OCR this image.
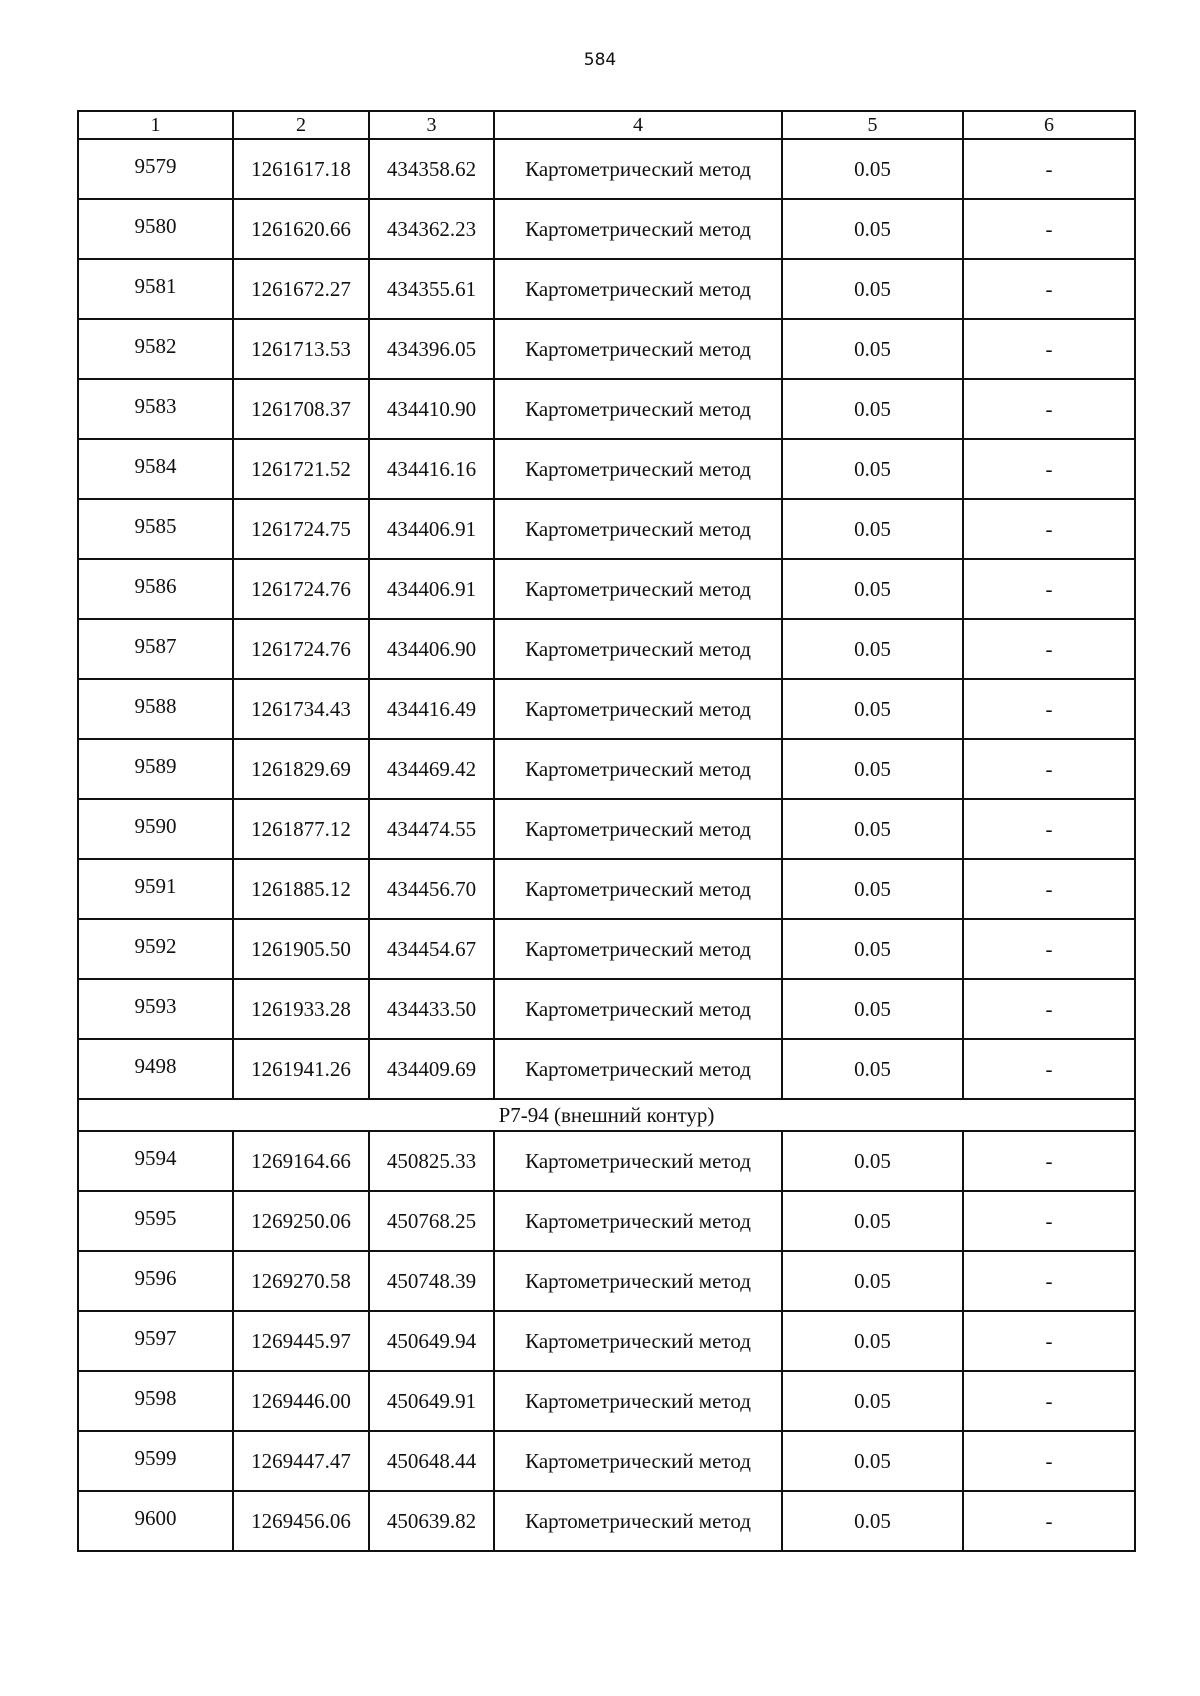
584
1	2	3	4	5	6
9579	1261617.18	434358.62	Картометрический метод	0.05	-
9580	1261620.66	434362.23	Картометрический метод	0.05	-
9581	1261672.27	434355.61	Картометрический метод	0.05	-
9582	1261713.53	434396.05	Картометрический метод	0.05	-
9583	1261708.37	434410.90	Картометрический метод	0.05	-
9584	1261721.52	434416.16	Картометрический метод	0.05	-
9585	1261724.75	434406.91	Картометрический метод	0.05	-
9586	1261724.76	434406.91	Картометрический метод	0.05	-
9587	1261724.76	434406.90	Картометрический метод	0.05	-
9588	1261734.43	434416.49	Картометрический метод	0.05	-
9589	1261829.69	434469.42	Картометрический метод	0.05	-
9590	1261877.12	434474.55	Картометрический метод	0.05	-
9591	1261885.12	434456.70	Картометрический метод	0.05	-
9592	1261905.50	434454.67	Картометрический метод	0.05	-
9593	1261933.28	434433.50	Картометрический метод	0.05	-
9498	1261941.26	434409.69	Картометрический метод	0.05	-
Р7-94 (внешний контур)					
9594	1269164.66	450825.33	Картометрический метод	0.05	-
9595	1269250.06	450768.25	Картометрический метод	0.05	-
9596	1269270.58	450748.39	Картометрический метод	0.05	-
9597	1269445.97	450649.94	Картометрический метод	0.05	-
9598	1269446.00	450649.91	Картометрический метод	0.05	-
9599	1269447.47	450648.44	Картометрический метод	0.05	-
9600	1269456.06	450639.82	Картометрический метод	0.05	-
